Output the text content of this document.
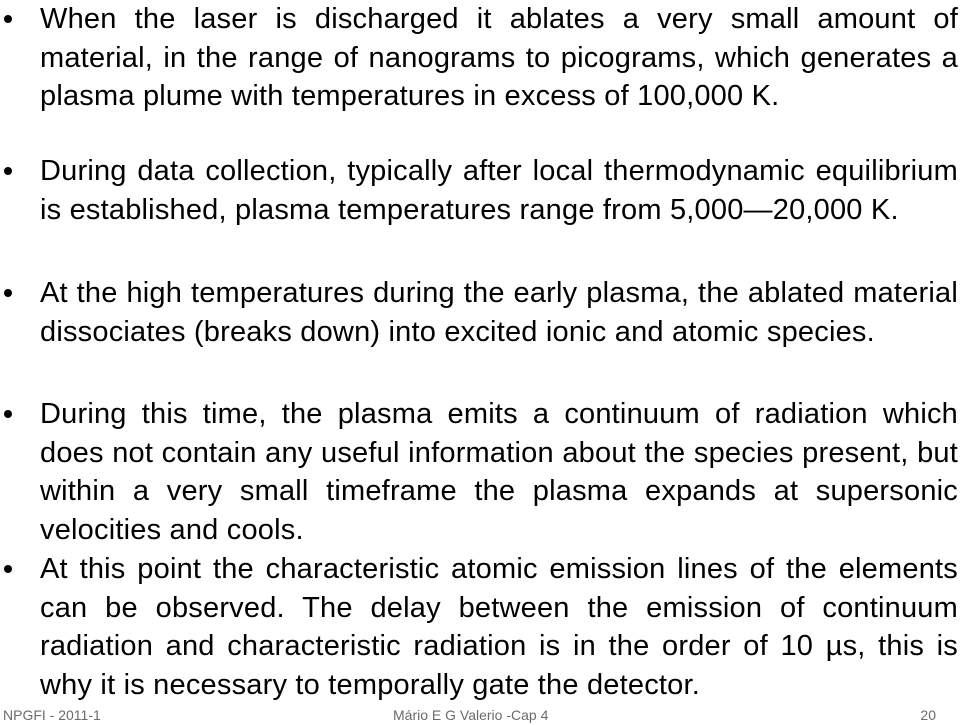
When the laser is discharged it ablates a very small amount of material, in the range of nanograms to picograms, which generates a plasma plume with temperatures in excess of 100,000 K.

During data collection, typically after local thermodynamic equilibrium is established, plasma temperatures range from 5,000—20,000 K.

At the high temperatures during the early plasma, the ablated material dissociates (breaks down) into excited ionic and atomic species.

During this time, the plasma emits a continuum of radiation which does not contain any useful information about the species present, but within a very small timeframe the plasma expands at supersonic velocities and cools.

At this point the characteristic atomic emission lines of the elements can be observed. The delay between the emission of continuum radiation and characteristic radiation is in the order of 10 µs, this is why it is necessary to temporally gate the detector.

NPGFI - 2011-1	Mário E G Valerio -Cap 4	20
